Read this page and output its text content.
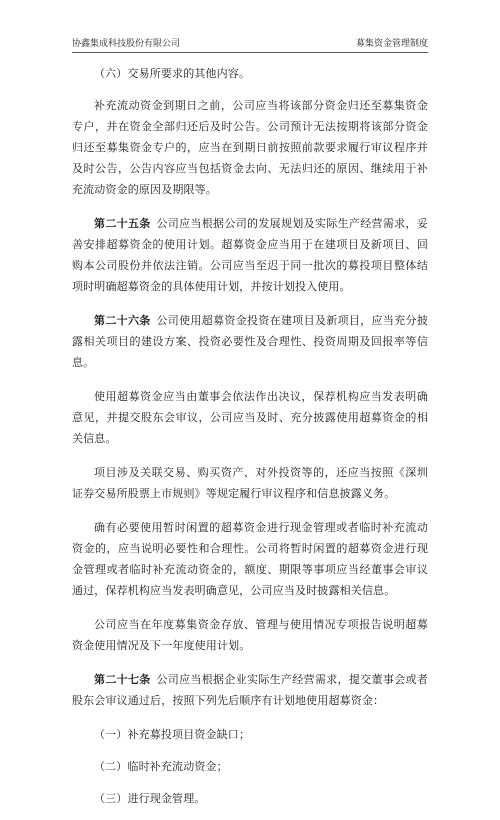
协鑫集成科技股份有限公司	募集资金管理制度

（六）交易所要求的其他内容。

补充流动资金到期日之前，公司应当将该部分资金归还至募集资金专户，并在资金全部归还后及时公告。公司预计无法按期将该部分资金归还至募集资金专户的，应当在到期日前按照前款要求履行审议程序并及时公告，公告内容应当包括资金去向、无法归还的原因、继续用于补充流动资金的原因及期限等。

第二十五条  公司应当根据公司的发展规划及实际生产经营需求，妥善安排超募资金的使用计划。超募资金应当用于在建项目及新项目、回购本公司股份并依法注销。公司应当至迟于同一批次的募投项目整体结项时明确超募资金的具体使用计划，并按计划投入使用。

第二十六条  公司使用超募资金投资在建项目及新项目，应当充分披露相关项目的建设方案、投资必要性及合理性、投资周期及回报率等信息。

使用超募资金应当由董事会依法作出决议，保荐机构应当发表明确意见，并提交股东会审议，公司应当及时、充分披露使用超募资金的相关信息。

项目涉及关联交易、购买资产、对外投资等的，还应当按照《深圳证券交易所股票上市规则》等规定履行审议程序和信息披露义务。

确有必要使用暂时闲置的超募资金进行现金管理或者临时补充流动资金的，应当说明必要性和合理性。公司将暂时闲置的超募资金进行现金管理或者临时补充流动资金的，额度、期限等事项应当经董事会审议通过，保荐机构应当发表明确意见，公司应当及时披露相关信息。

公司应当在年度募集资金存放、管理与使用情况专项报告说明超募资金使用情况及下一年度使用计划。

第二十七条  公司应当根据企业实际生产经营需求，提交董事会或者股东会审议通过后，按照下列先后顺序有计划地使用超募资金：

（一）补充募投项目资金缺口；

（二）临时补充流动资金；

（三）进行现金管理。
